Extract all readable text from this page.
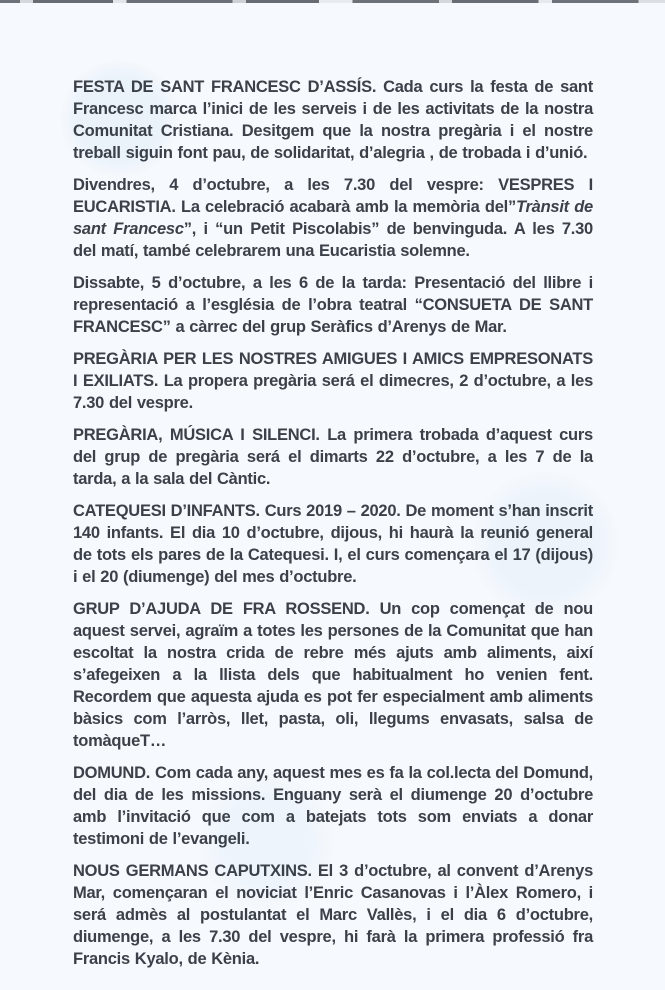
FESTA DE SANT FRANCESC D’ASSÍS. Cada curs la festa de sant Francesc marca l’inici de les serveis i de les activitats de la nostra Comunitat Cristiana. Desitgem que la nostra pregària i el nostre treball siguin font pau, de solidaritat, d’alegria , de trobada i d’unió.

Divendres, 4 d’octubre, a les 7.30 del vespre: VESPRES I EUCARISTIA. La celebració acabarà amb la memòria del”Trànsit de sant Francesc”, i “un Petit Piscolabis” de benvinguda. A les 7.30 del matí, també celebrarem una Eucaristia solemne.

Dissabte, 5 d’octubre, a les 6 de la tarda: Presentació del llibre i representació a l’església de l’obra teatral “CONSUETA DE SANT FRANCESC” a càrrec del grup Seràfics d’Arenys de Mar.

PREGÀRIA PER LES NOSTRES AMIGUES I AMICS EMPRESONATS I EXILIATS. La propera pregària será el dimecres, 2 d’octubre, a les 7.30 del vespre.

PREGÀRIA, MÚSICA I SILENCI. La primera trobada d’aquest curs del grup de pregària será el dimarts 22 d’octubre, a les 7 de la tarda, a la sala del Càntic.

CATEQUESI D’INFANTS. Curs 2019 – 2020. De moment s’han inscrit 140 infants. El dia 10 d’octubre, dijous, hi haurà la reunió general de tots els pares de la Catequesi. I, el curs començara el 17 (dijous) i el 20 (diumenge) del mes d’octubre.

GRUP D’AJUDA DE FRA ROSSEND. Un cop començat de nou aquest servei, agraïm a totes les persones de la Comunitat que han escoltat la nostra crida de rebre més ajuts amb aliments, així s’afegeixen a la llista dels que habitualment ho venien fent. Recordem que aquesta ajuda es pot fer especialment amb aliments bàsics com l’arròs, llet, pasta, oli, llegums envasats, salsa de tomàqueT…

DOMUND. Com cada any, aquest mes es fa la col.lecta del Domund, del dia de les missions. Enguany serà el diumenge 20 d’octubre amb l’invitació que com a batejats tots som enviats a donar testimoni de l’evangeli.

NOUS GERMANS CAPUTXINS. El 3 d’octubre, al convent d’Arenys Mar, començaran el noviciat l’Enric Casanovas i l’Àlex Romero, i será admès al postulantat el Marc Vallès, i el dia 6 d’octubre, diumenge, a les 7.30 del vespre, hi farà la primera professió fra Francis Kyalo, de Kènia.
